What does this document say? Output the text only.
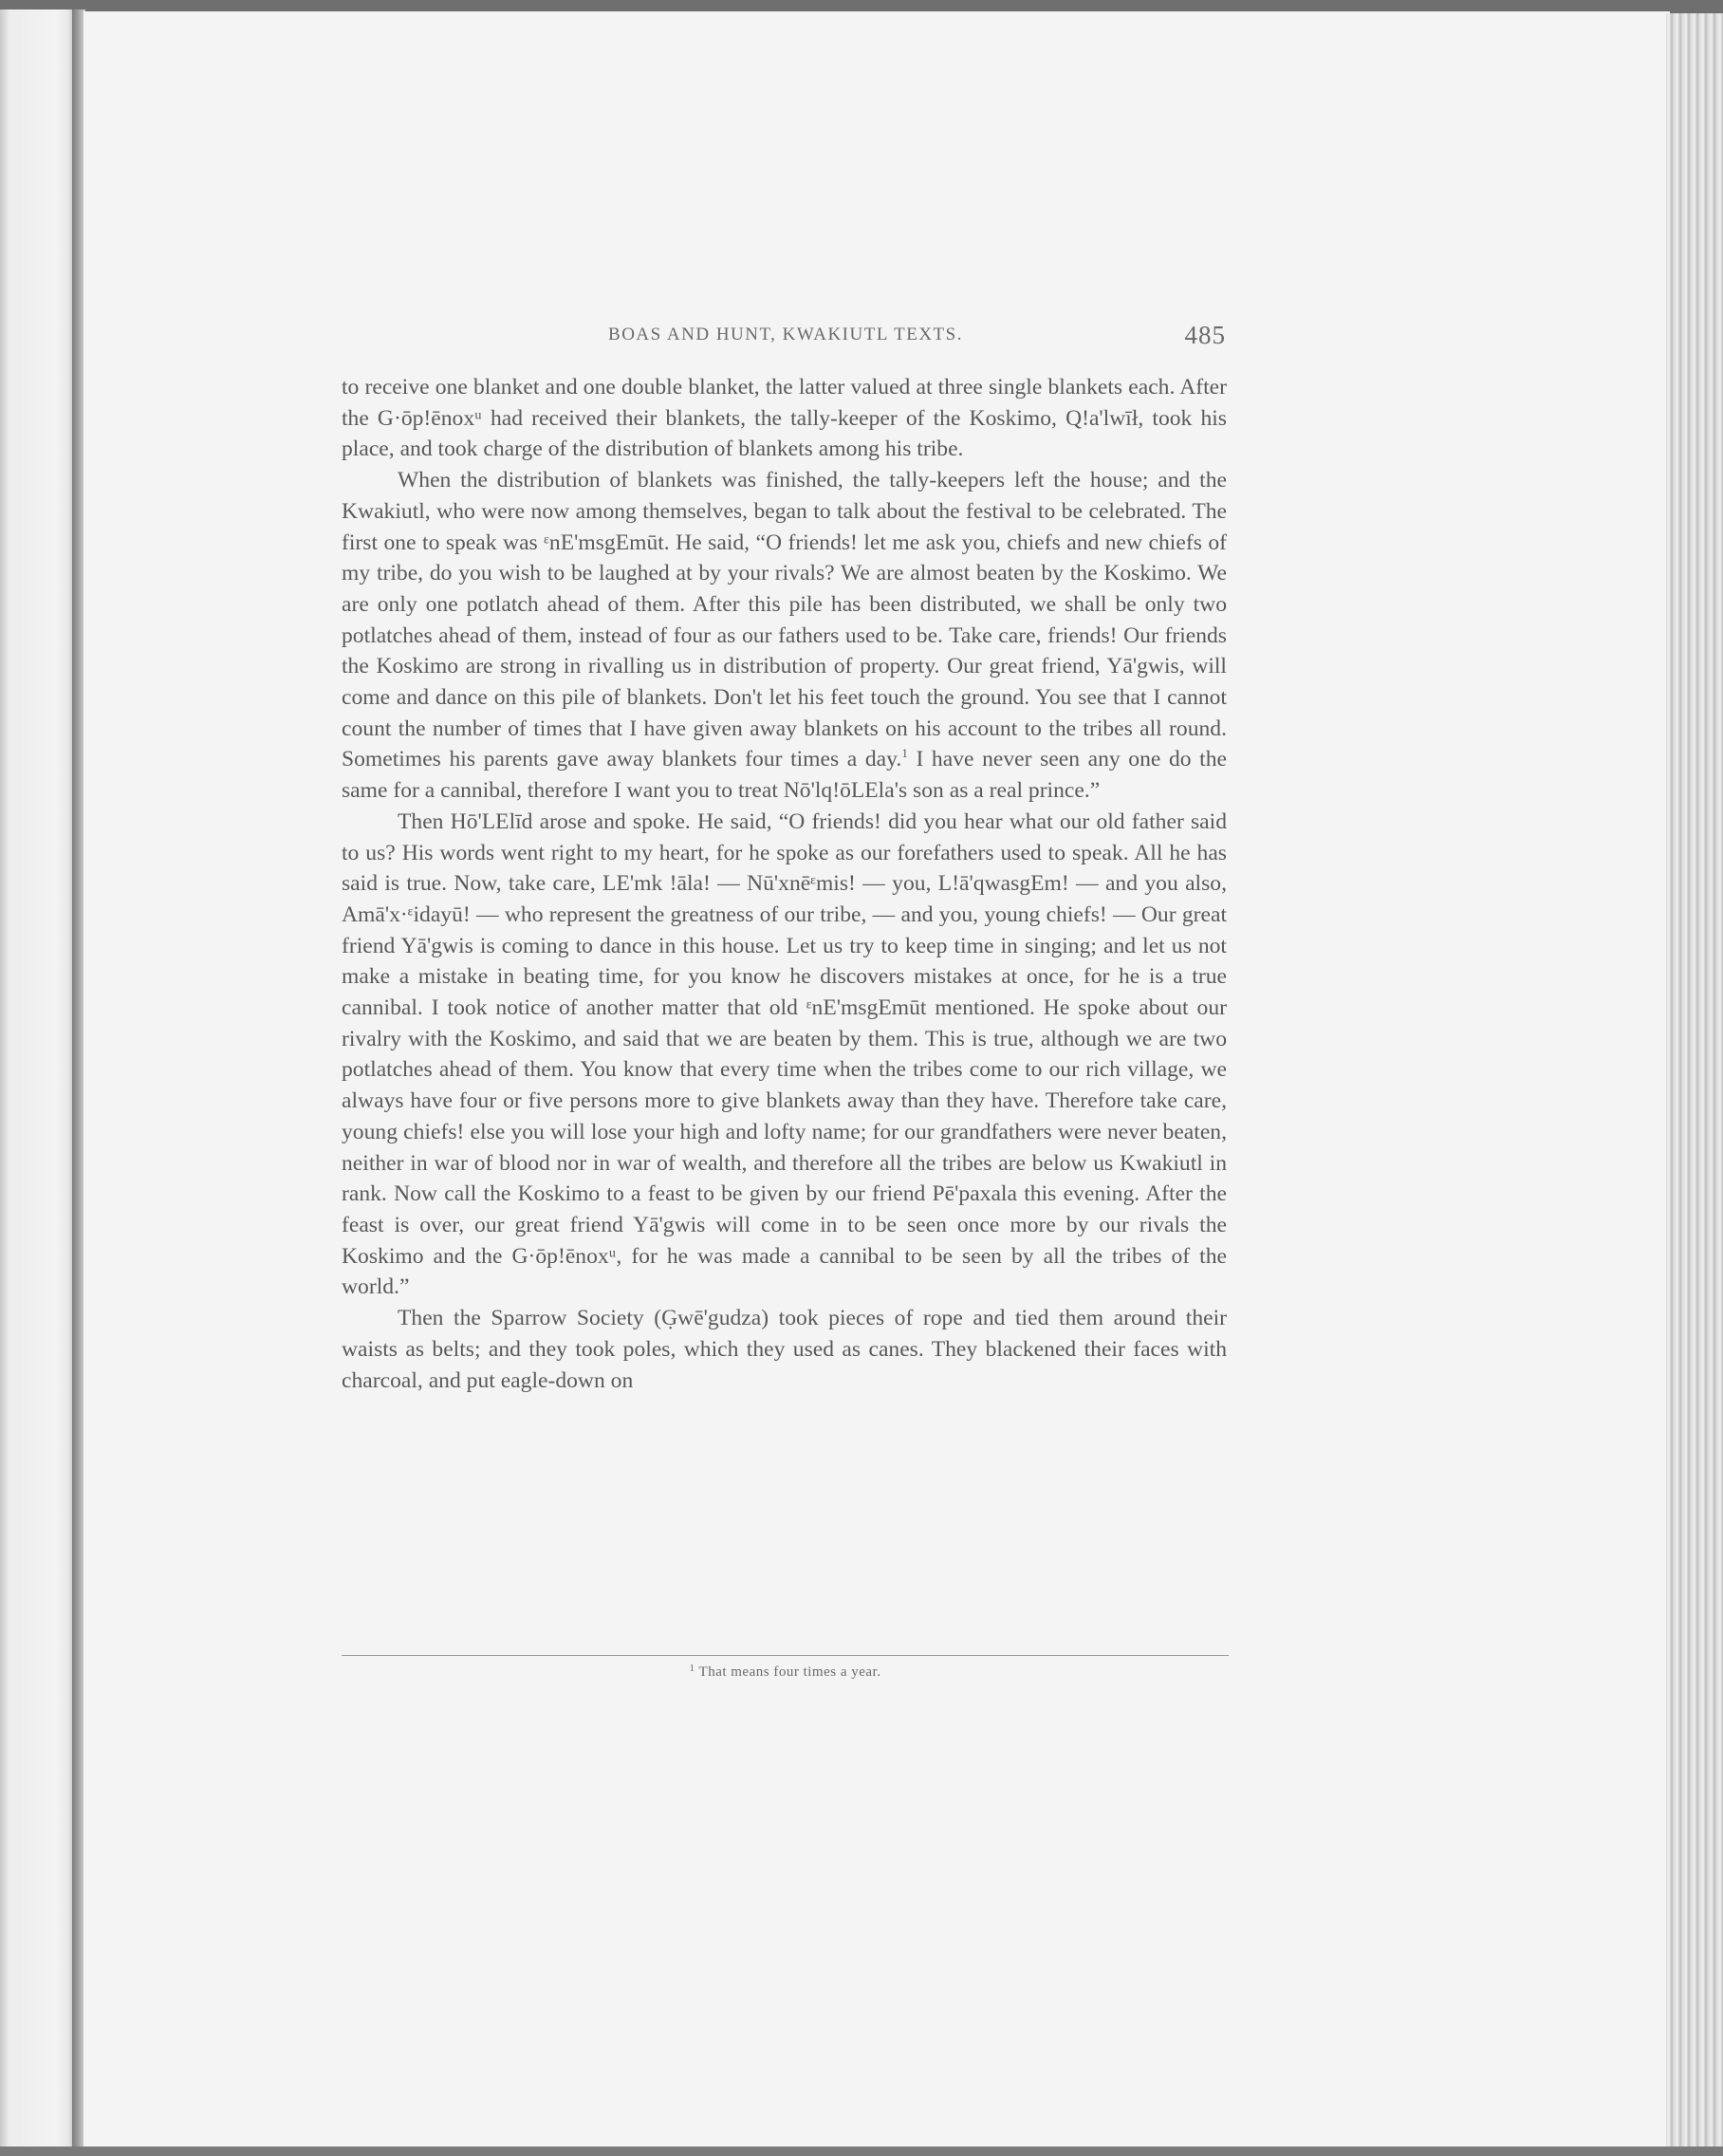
BOAS AND HUNT, KWAKIUTL TEXTS.	485

to receive one blanket and one double blanket, the latter valued at three single blankets each. After the G·ōp!ēnoxᵘ had received their blankets, the tally-keeper of the Koskimo, Q!a'lwīł, took his place, and took charge of the distribution of blankets among his tribe.

When the distribution of blankets was finished, the tally-keepers left the house; and the Kwakiutl, who were now among themselves, began to talk about the festival to be celebrated. The first one to speak was ᵋnE'msgEmūt. He said, “O friends! let me ask you, chiefs and new chiefs of my tribe, do you wish to be laughed at by your rivals? We are almost beaten by the Koskimo. We are only one potlatch ahead of them. After this pile has been distributed, we shall be only two potlatches ahead of them, instead of four as our fathers used to be. Take care, friends! Our friends the Koskimo are strong in rivalling us in distribution of property. Our great friend, Yā'gwis, will come and dance on this pile of blankets. Don't let his feet touch the ground. You see that I cannot count the number of times that I have given away blankets on his account to the tribes all round. Sometimes his parents gave away blankets four times a day.$^1$ I have never seen any one do the same for a cannibal, therefore I want you to treat Nō'lq!ōLEla's son as a real prince.”

Then Hō'LElīd arose and spoke. He said, “O friends! did you hear what our old father said to us? His words went right to my heart, for he spoke as our forefathers used to speak. All he has said is true. Now, take care, LE'mk !āla! — Nū'xnēᵋmis! — you, L!ā'qwasgEm! — and you also, Amā'x·ᵋidayū! — who represent the greatness of our tribe, — and you, young chiefs! — Our great friend Yā'gwis is coming to dance in this house. Let us try to keep time in singing; and let us not make a mistake in beating time, for you know he discovers mistakes at once, for he is a true cannibal. I took notice of another matter that old ᵋnE'msgEmūt mentioned. He spoke about our rivalry with the Koskimo, and said that we are beaten by them. This is true, although we are two potlatches ahead of them. You know that every time when the tribes come to our rich village, we always have four or five persons more to give blankets away than they have. Therefore take care, young chiefs! else you will lose your high and lofty name; for our grandfathers were never beaten, neither in war of blood nor in war of wealth, and therefore all the tribes are below us Kwakiutl in rank. Now call the Koskimo to a feast to be given by our friend Pē'paxala this evening. After the feast is over, our great friend Yā'gwis will come in to be seen once more by our rivals the Koskimo and the G·ōp!ēnoxᵘ, for he was made a cannibal to be seen by all the tribes of the world.”

Then the Sparrow Society (G̣wē'gudza) took pieces of rope and tied them around their waists as belts; and they took poles, which they used as canes. They blackened their faces with charcoal, and put eagle-down on

$^1$ That means four times a year.
